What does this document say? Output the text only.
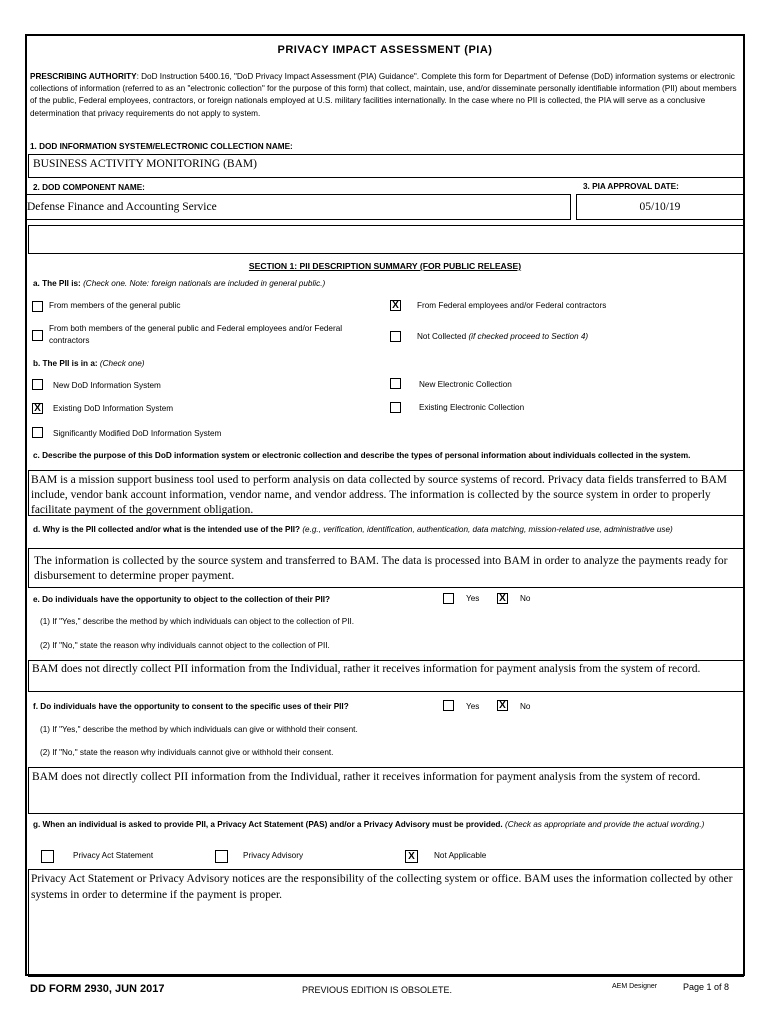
PRIVACY IMPACT ASSESSMENT (PIA)
PRESCRIBING AUTHORITY: DoD Instruction 5400.16, "DoD Privacy Impact Assessment (PIA) Guidance". Complete this form for Department of Defense (DoD) information systems or electronic collections of information (referred to as an "electronic collection" for the purpose of this form) that collect, maintain, use, and/or disseminate personally identifiable information (PII) about members of the public, Federal employees, contractors, or foreign nationals employed at U.S. military facilities internationally. In the case where no PII is collected, the PIA will serve as a conclusive determination that privacy requirements do not apply to system.
1. DOD INFORMATION SYSTEM/ELECTRONIC COLLECTION NAME:
BUSINESS ACTIVITY MONITORING (BAM)
2. DOD COMPONENT NAME:	3. PIA APPROVAL DATE:
Defense Finance and Accounting Service	05/10/19
SECTION 1: PII DESCRIPTION SUMMARY (FOR PUBLIC RELEASE)
a. The PII is: (Check one. Note: foreign nationals are included in general public.)
From members of the general public	X From Federal employees and/or Federal contractors
From both members of the general public and Federal employees and/or Federal contractors	Not Collected (if checked proceed to Section 4)
b. The PII is in a: (Check one)
New DoD Information System	New Electronic Collection
X Existing DoD Information System	Existing Electronic Collection
Significantly Modified DoD Information System
c. Describe the purpose of this DoD information system or electronic collection and describe the types of personal information about individuals collected in the system.
BAM is a mission support business tool used to perform analysis on data collected by source systems of record. Privacy data fields transferred to BAM include, vendor bank account information, vendor name, and vendor address. The information is collected by the source system in order to properly facilitate payment of the government obligation.
d. Why is the PII collected and/or what is the intended use of the PII? (e.g., verification, identification, authentication, data matching, mission-related use, administrative use)
The information is collected by the source system and transferred to BAM. The data is processed into BAM in order to analyze the payments ready for disbursement to determine proper payment.
e. Do individuals have the opportunity to object to the collection of their PII?	Yes X No
(1) If "Yes," describe the method by which individuals can object to the collection of PII.
(2) If "No," state the reason why individuals cannot object to the collection of PII.
BAM does not directly collect PII information from the Individual, rather it receives information for payment analysis from the system of record.
f. Do individuals have the opportunity to consent to the specific uses of their PII?	Yes X No
(1) If "Yes," describe the method by which individuals can give or withhold their consent.
(2) If "No," state the reason why individuals cannot give or withhold their consent.
BAM does not directly collect PII information from the Individual, rather it receives information for payment analysis from the system of record.
g. When an individual is asked to provide PII, a Privacy Act Statement (PAS) and/or a Privacy Advisory must be provided. (Check as appropriate and provide the actual wording.)
Privacy Act Statement	Privacy Advisory	X	Not Applicable
Privacy Act Statement or Privacy Advisory notices are the responsibility of the collecting system or office. BAM uses the information collected by other systems in order to determine if the payment is proper.
DD FORM 2930, JUN 2017	PREVIOUS EDITION IS OBSOLETE.	AEM Designer	Page 1 of 8
